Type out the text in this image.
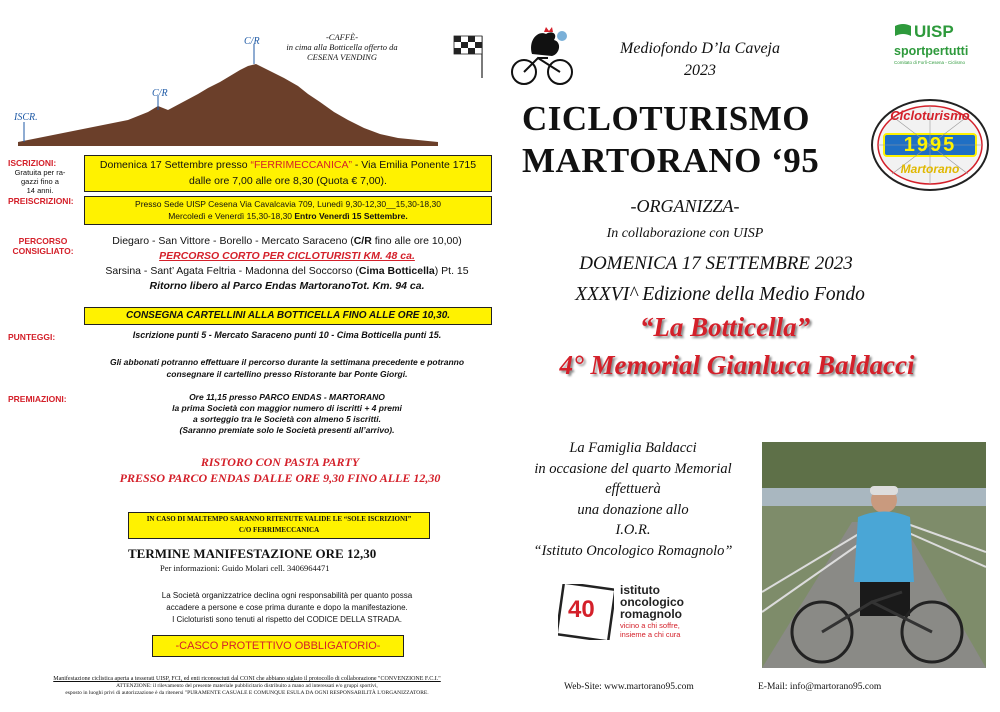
C/R
C/R
ISCR.
-CAFFÈ-
in cima alla Botticella offerto da
CESENA VENDING
ISCRIZIONI:
Gratuita per ra-
gazzi fino a
14 anni.
Domenica 17 Settembre presso “FERRIMECCANICA” - Via Emilia Ponente 1715
dalle ore 7,00 alle ore 8,30 (Quota € 7,00).
PREISCRIZIONI:	Presso Sede UISP Cesena Via Cavalcavia 709, Lunedì 9,30-12,30__15,30-18,30
Mercoledì e Venerdì 15,30-18,30 Entro Venerdì 15 Settembre.
PERCORSO
CONSIGLIATO:
Diegaro - San Vittore - Borello - Mercato Saraceno (C/R fino alle ore 10,00)
PERCORSO CORTO PER CICLOTURISTI KM. 48 ca.
Sarsina - Sant’ Agata Feltria - Madonna del Soccorso (Cima Botticella) Pt. 15
Ritorno libero al Parco Endas MartoranoTot. Km. 94 ca.
CONSEGNA CARTELLINI ALLA BOTTICELLA FINO ALLE ORE 10,30.
PUNTEGGI:	Iscrizione punti 5 - Mercato Saraceno punti 10 - Cima Botticella punti 15.
Gli abbonati potranno effettuare il percorso durante la settimana precedente e potranno
consegnare il cartellino presso Ristorante bar Ponte Giorgi.
PREMIAZIONI:	Ore 11,15 presso PARCO ENDAS - MARTORANO
la prima Società con maggior numero di iscritti + 4 premi
a sorteggio tra le Società con almeno 5 iscritti.
(Saranno premiate solo le Società presenti all’arrivo).
RISTORO CON PASTA PARTY
PRESSO PARCO ENDAS DALLE ORE 9,30 FINO ALLE 12,30
IN CASO DI MALTEMPO SARANNO RITENUTE VALIDE LE “SOLE ISCRIZIONI”
C/O FERRIMECCANICA
TERMINE MANIFESTAZIONE ORE 12,30
Per informazioni: Guido Molari cell. 3406964471
La Società organizzatrice declina ogni responsabilità per quanto possa
accadere a persone e cose prima durante e dopo la manifestazione.
I Cicloturisti sono tenuti al rispetto del CODICE DELLA STRADA.
-CASCO PROTETTIVO OBBLIGATORIO-
Manifestazione ciclistica aperta a tesserati UISP, FCI, ed enti riconosciuti dal CONI che abbiano siglato il protocollo di collaborazione "CONVENZIONE F.C.I."
ATTENZIONE: il rilevamento del presente materiale pubblicitario distribuito a mano ad interessati e/o gruppi sportivi,
esposto in luoghi privi di autorizzazione è da ritenersi "PURAMENTE CASUALE E COMUNQUE ESULA DA OGNI RESPONSABILITÀ L'ORGANIZZATORE.
Mediofondo D’la Caveja
2023
UISP
sportpertutti
Comitato di Forlì-Cesena - Ciclismo
CICLOTURISMO
MARTORANO ‘95
Cicloturismo
1995
Martorano
-ORGANIZZA-
In collaborazione con UISP
DOMENICA 17 SETTEMBRE 2023
XXXVI^ Edizione della Medio Fondo
“La Botticella”
4° Memorial Gianluca Baldacci
La Famiglia Baldacci
in occasione del quarto Memorial
effettuerà
una donazione allo
I.O.R.
“Istituto Oncologico Romagnolo”
40
istituto
oncologico
romagnolo
vicino a chi soffre,
insieme a chi cura
Web-Site: www.martorano95.com	E-Mail: info@martorano95.com
